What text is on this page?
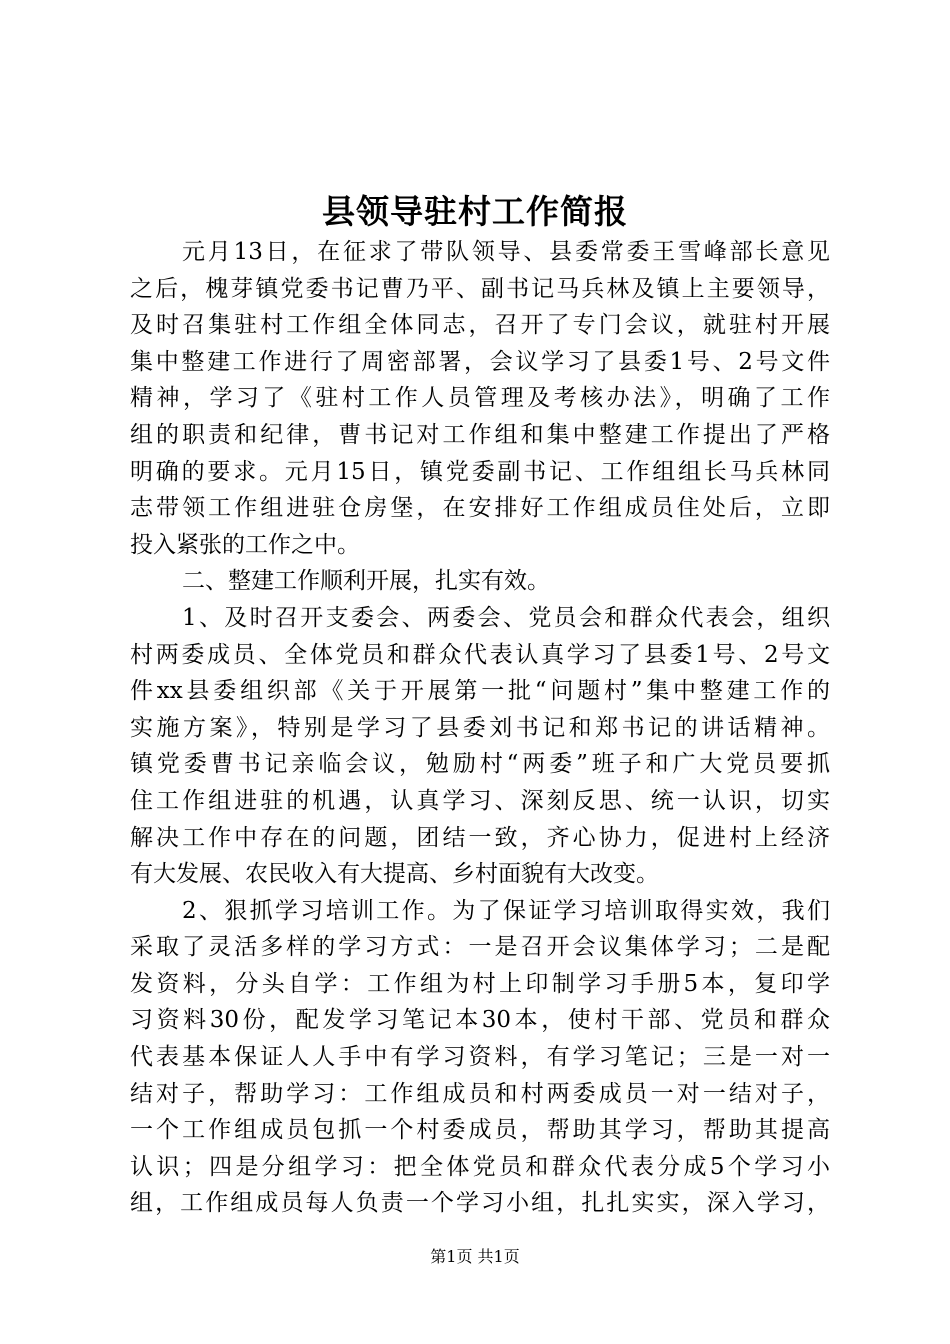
县领导驻村工作简报
元月13日，在征求了带队领导、县委常委王雪峰部长意见
之后，槐芽镇党委书记曹乃平、副书记马兵林及镇上主要领导，
及时召集驻村工作组全体同志，召开了专门会议，就驻村开展
集中整建工作进行了周密部署，会议学习了县委1号、2号文件
精神，学习了《驻村工作人员管理及考核办法》，明确了工作
组的职责和纪律，曹书记对工作组和集中整建工作提出了严格
明确的要求。元月15日，镇党委副书记、工作组组长马兵林同
志带领工作组进驻仓房堡，在安排好工作组成员住处后，立即
投入紧张的工作之中。
二、整建工作顺利开展，扎实有效。
1、及时召开支委会、两委会、党员会和群众代表会，组织
村两委成员、全体党员和群众代表认真学习了县委1号、2号文
件xx县委组织部《关于开展第一批“问题村”集中整建工作的
实施方案》，特别是学习了县委刘书记和郑书记的讲话精神。
镇党委曹书记亲临会议，勉励村“两委”班子和广大党员要抓
住工作组进驻的机遇，认真学习、深刻反思、统一认识，切实
解决工作中存在的问题，团结一致，齐心协力，促进村上经济
有大发展、农民收入有大提高、乡村面貌有大改变。
2、狠抓学习培训工作。为了保证学习培训取得实效，我们
采取了灵活多样的学习方式：一是召开会议集体学习；二是配
发资料，分头自学：工作组为村上印制学习手册5本，复印学
习资料30份，配发学习笔记本30本，使村干部、党员和群众
代表基本保证人人手中有学习资料，有学习笔记；三是一对一
结对子，帮助学习：工作组成员和村两委成员一对一结对子，
一个工作组成员包抓一个村委成员，帮助其学习，帮助其提高
认识；四是分组学习：把全体党员和群众代表分成5个学习小
组，工作组成员每人负责一个学习小组，扎扎实实，深入学习，
第1页 共1页
